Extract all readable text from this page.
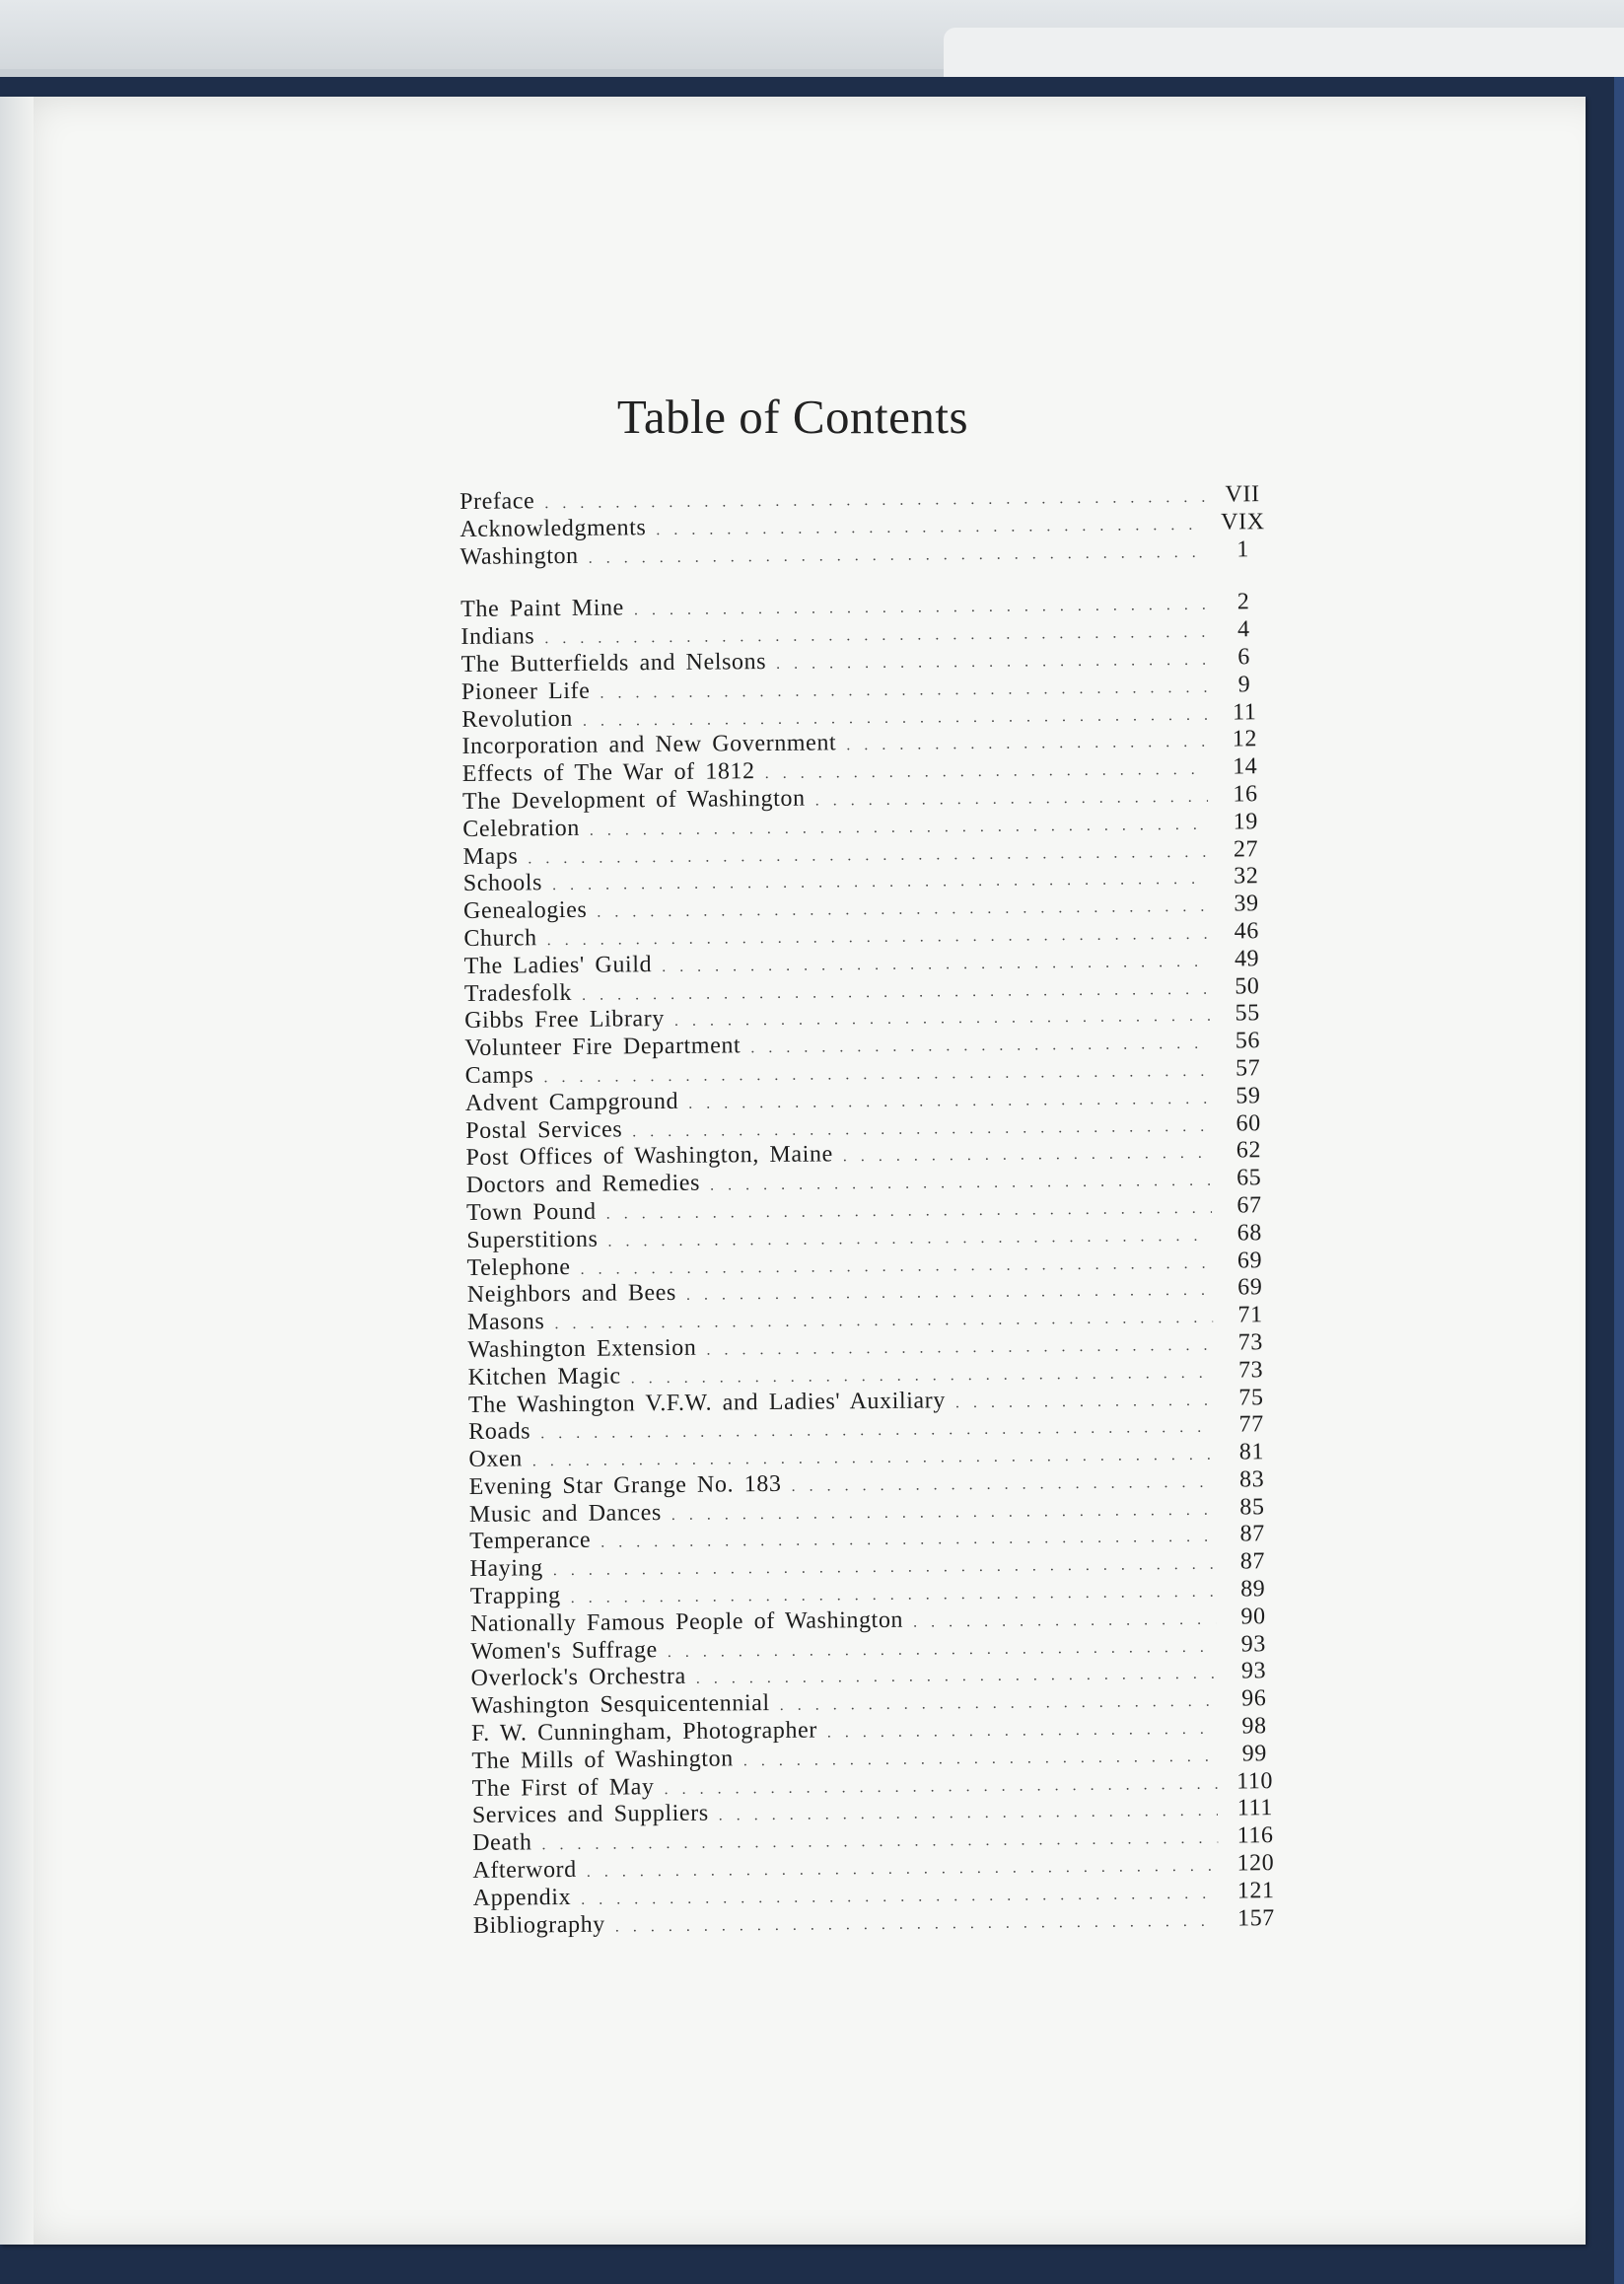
Table of Contents
Preface . . .	VII
Acknowledgments . . .	VIX
Washington . . .	1
The Paint Mine . . .	2
Indians . . .	4
The Butterfields and Nelsons . . .	6
Pioneer Life . . .	9
Revolution . . .	11
Incorporation and New Government . . .	12
Effects of The War of 1812 . . .	14
The Development of Washington . . .	16
Celebration . . .	19
Maps . . .	27
Schools . . .	32
Genealogies . . .	39
Church . . .	46
The Ladies' Guild . . .	49
Tradesfolk . . .	50
Gibbs Free Library . . .	55
Volunteer Fire Department . . .	56
Camps . . .	57
Advent Campground . . .	59
Postal Services . . .	60
Post Offices of Washington, Maine . . .	62
Doctors and Remedies . . .	65
Town Pound . . .	67
Superstitions . . .	68
Telephone . . .	69
Neighbors and Bees . . .	69
Masons . . .	71
Washington Extension . . .	73
Kitchen Magic . . .	73
The Washington V.F.W. and Ladies' Auxiliary . . .	75
Roads . . .	77
Oxen . . .	81
Evening Star Grange No. 183 . . .	83
Music and Dances . . .	85
Temperance . . .	87
Haying . . .	87
Trapping . . .	89
Nationally Famous People of Washington . . .	90
Women's Suffrage . . .	93
Overlock's Orchestra . . .	93
Washington Sesquicentennial . . .	96
F. W. Cunningham, Photographer . . .	98
The Mills of Washington . . .	99
The First of May . . .	110
Services and Suppliers . . .	111
Death . . .	116
Afterword . . .	120
Appendix . . .	121
Bibliography . . .	157
